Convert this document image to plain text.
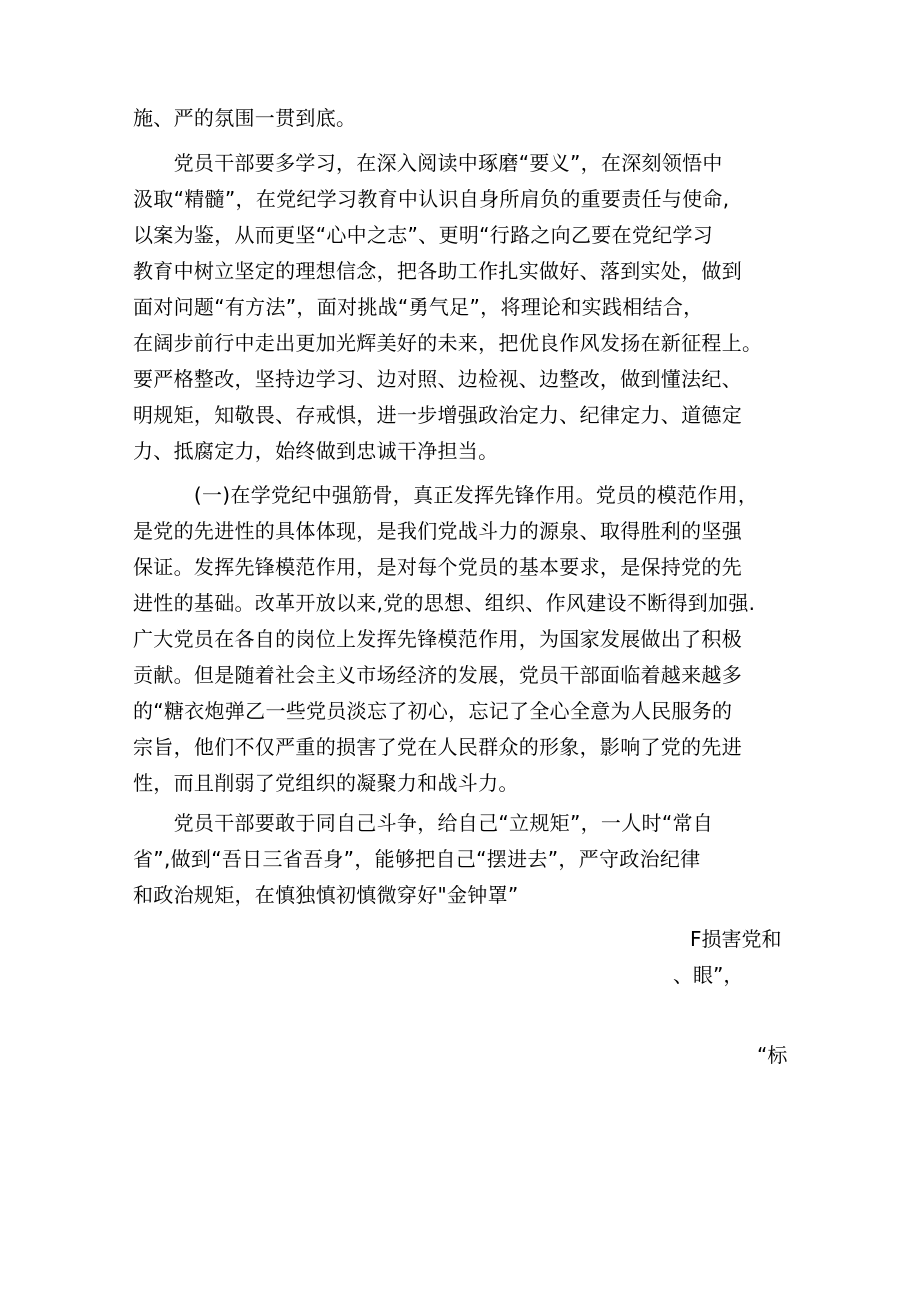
施、严的氛围一贯到底。
　　党员干部要多学习，在深入阅读中琢磨“要义”，在深刻领悟中
汲取“精髓”，在党纪学习教育中认识自身所肩负的重要责任与使命,
以案为鉴，从而更坚“心中之志”、更明“行路之向乙要在党纪学习
教育中树立坚定的理想信念，把各助工作扎实做好、落到实处，做到
面对问题“有方法”，面对挑战“勇气足”，将理论和实践相结合，
在阔步前行中走出更加光辉美好的未来，把优良作风发扬在新征程上。
要严格整改，坚持边学习、边对照、边检视、边整改，做到懂法纪、
明规矩，知敬畏、存戒惧，进一步增强政治定力、纪律定力、道德定
力、抵腐定力，始终做到忠诚干净担当。
　　　(一)在学党纪中强筋骨，真正发挥先锋作用。党员的模范作用，
是党的先进性的具体体现，是我们党战斗力的源泉、取得胜利的坚强
保证。发挥先锋模范作用，是对每个党员的基本要求，是保持党的先
进性的基础。改革开放以来,党的思想、组织、作风建设不断得到加强.
广大党员在各自的岗位上发挥先锋模范作用，为国家发展做出了积极
贡献。但是随着社会主义市场经济的发展，党员干部面临着越来越多
的“糖衣炮弹乙一些党员淡忘了初心，忘记了全心全意为人民服务的
宗旨，他们不仅严重的损害了党在人民群众的形象，影响了党的先进
性，而且削弱了党组织的凝聚力和战斗力。
　　党员干部要敢于同自己斗争，给自己“立规矩”，一人时“常自
省”,做到“吾日三省吾身”，能够把自己“摆进去”，严守政治纪律
和政治规矩，在慎独慎初慎微穿好"金钟罩”
F损害党和
、眼”，
“标
